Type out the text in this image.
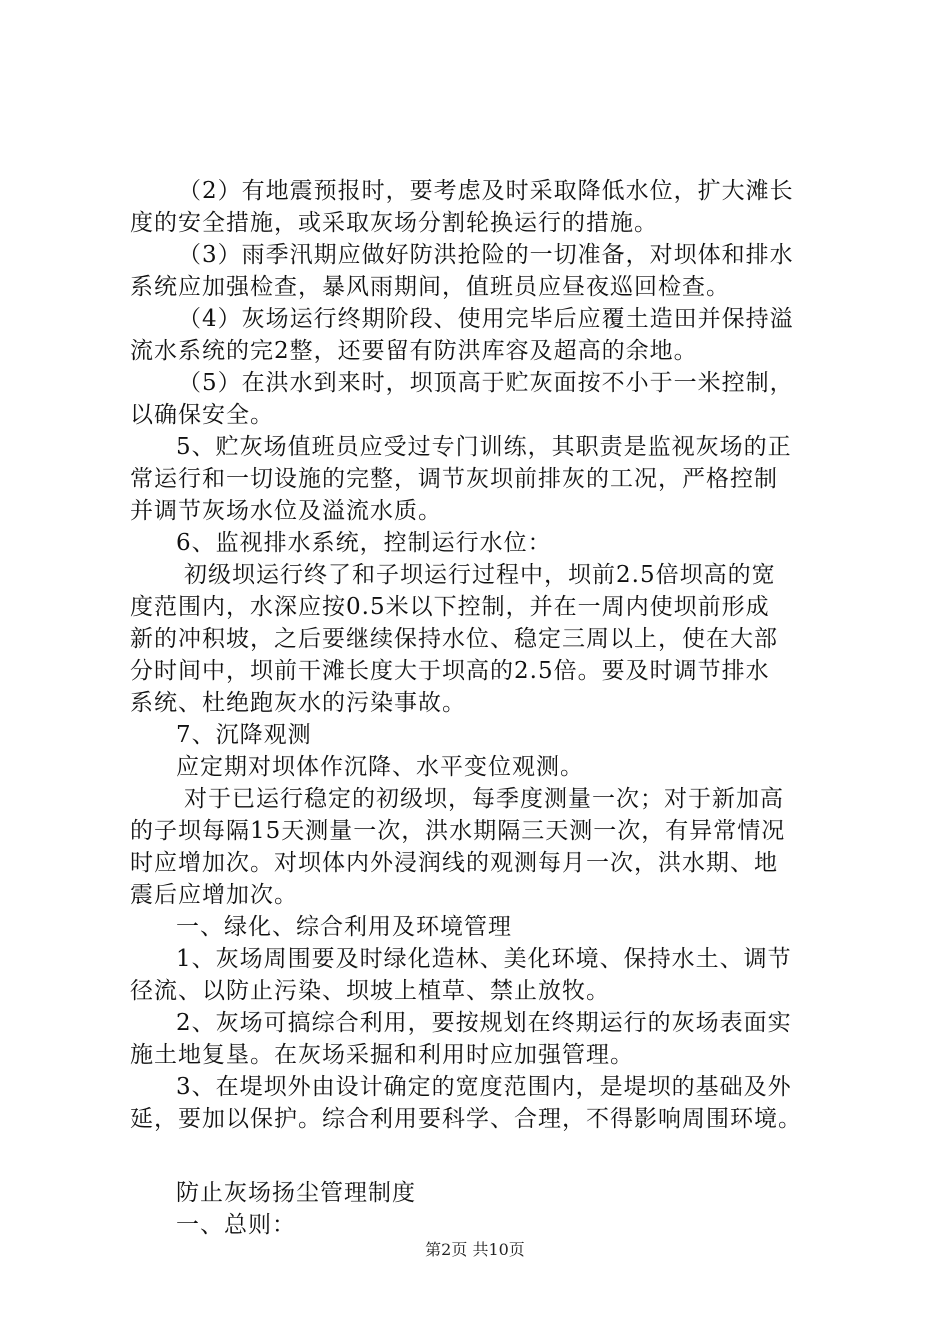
（2）有地震预报时，要考虑及时采取降低水位，扩大滩长
度的安全措施，或采取灰场分割轮换运行的措施。
（3）雨季汛期应做好防洪抢险的一切准备，对坝体和排水
系统应加强检查，暴风雨期间，值班员应昼夜巡回检查。
（4）灰场运行终期阶段、使用完毕后应覆土造田并保持溢
流水系统的完2整，还要留有防洪库容及超高的余地。
（5）在洪水到来时，坝顶高于贮灰面按不小于一米控制，
以确保安全。
5、贮灰场值班员应受过专门训练，其职责是监视灰场的正
常运行和一切设施的完整，调节灰坝前排灰的工况，严格控制
并调节灰场水位及溢流水质。
6、监视排水系统，控制运行水位：
初级坝运行终了和子坝运行过程中，坝前2.5倍坝高的宽
度范围内，水深应按0.5米以下控制，并在一周内使坝前形成
新的冲积坡，之后要继续保持水位、稳定三周以上，使在大部
分时间中，坝前干滩长度大于坝高的2.5倍。要及时调节排水
系统、杜绝跑灰水的污染事故。
7、沉降观测
应定期对坝体作沉降、水平变位观测。
对于已运行稳定的初级坝，每季度测量一次；对于新加高
的子坝每隔15天测量一次，洪水期隔三天测一次，有异常情况
时应增加次。对坝体内外浸润线的观测每月一次，洪水期、地
震后应增加次。
一、绿化、综合利用及环境管理
1、灰场周围要及时绿化造林、美化环境、保持水土、调节
径流、以防止污染、坝坡上植草、禁止放牧。
2、灰场可搞综合利用，要按规划在终期运行的灰场表面实
施土地复垦。在灰场采掘和利用时应加强管理。
3、在堤坝外由设计确定的宽度范围内，是堤坝的基础及外
延，要加以保护。综合利用要科学、合理，不得影响周围环境。
防止灰场扬尘管理制度
一、总则：
第2页 共10页
